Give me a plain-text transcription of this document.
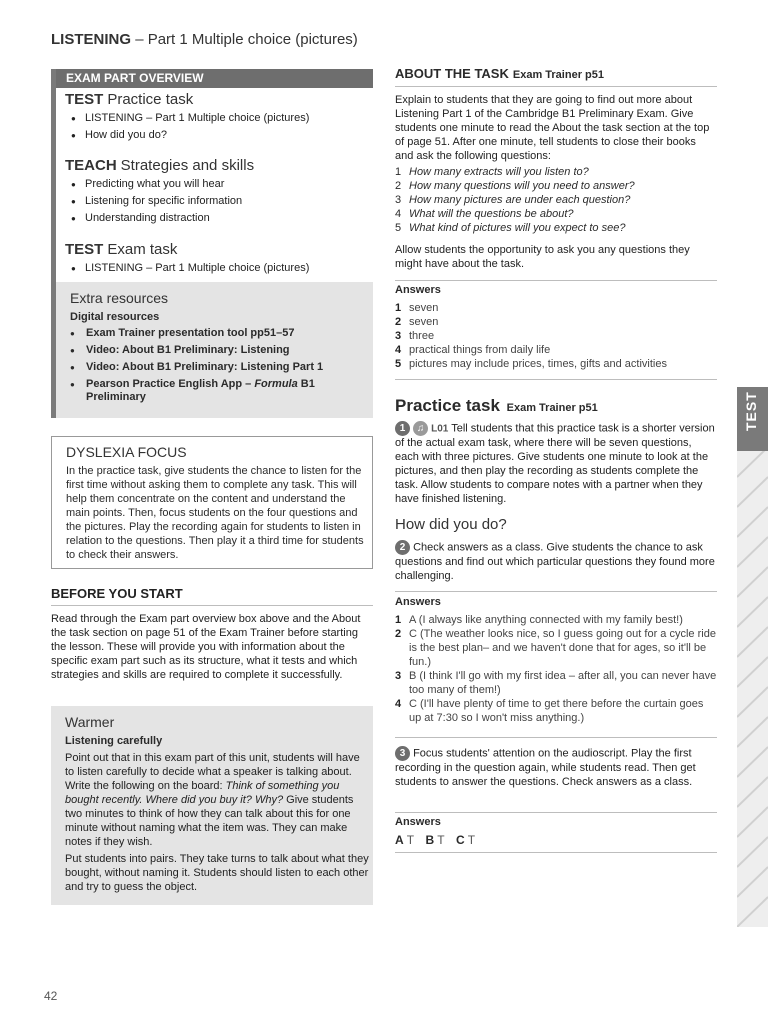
LISTENING – Part 1 Multiple choice (pictures)
EXAM PART OVERVIEW
TEST Practice task
● LISTENING – Part 1 Multiple choice (pictures)
● How did you do?
TEACH Strategies and skills
● Predicting what you will hear
● Listening for specific information
● Understanding distraction
TEST Exam task
● LISTENING – Part 1 Multiple choice (pictures)
Extra resources
Digital resources
● Exam Trainer presentation tool pp51–57
● Video: About B1 Preliminary: Listening
● Video: About B1 Preliminary: Listening Part 1
● Pearson Practice English App – Formula B1 Preliminary
DYSLEXIA FOCUS

In the practice task, give students the chance to listen for the first time without asking them to complete any task. This will help them concentrate on the content and understand the main points. Then, focus students on the four questions and the pictures. Play the recording again for students to listen in relation to the questions. Then play it a third time for students to check their answers.

BEFORE YOU START

Read through the Exam part overview box above and the About the task section on page 51 of the Exam Trainer before starting the lesson. These will provide you with information about the specific exam part such as its structure, what it tests and which strategies and skills are required to complete it successfully.

Warmer
Listening carefully

Point out that in this exam part of this unit, students will have to listen carefully to decide what a speaker is talking about. Write the following on the board: Think of something you bought recently. Where did you buy it? Why? Give students two minutes to think of how they can talk about this for one minute without naming what the item was. They can make notes if they wish.

Put students into pairs. They take turns to talk about what they bought, without naming it. Students should listen to each other and try to guess the object.

ABOUT THE TASK Exam Trainer p51

Explain to students that they are going to find out more about Listening Part 1 of the Cambridge B1 Preliminary Exam. Give students one minute to read the About the task section at the top of page 51. After one minute, tell students to close their books and ask the following questions:

1 How many extracts will you listen to?
2 How many questions will you need to answer?
3 How many pictures are under each question?
4 What will the questions be about?
5 What kind of pictures will you expect to see?

Allow students the opportunity to ask you any questions they might have about the task.

Answers
1 seven
2 seven
3 three
4 practical things from daily life
5 pictures may include prices, times, gifts and activities
Practice task Exam Trainer p51

1 ♫ L01 Tell students that this practice task is a shorter version of the actual exam task, where there will be seven questions, each with three pictures. Give students one minute to look at the pictures, and then play the recording as students complete the task. Allow students to compare notes with a partner when they have finished listening.

How did you do?

2 Check answers as a class. Give students the chance to ask questions and find out which particular questions they found more challenging.

Answers
1 A (I always like anything connected with my family best!)
2 C (The weather looks nice, so I guess going out for a cycle ride is the best plan– and we haven't done that for ages, so it'll be fun.)
3 B (I think I'll go with my first idea – after all, you can never have too many of them!)
4 C (I'll have plenty of time to get there before the curtain goes up at 7:30 so I won't miss anything.)

3 Focus students' attention on the audioscript. Play the first recording in the question again, while students read. Then get students to answer the questions. Check answers as a class.

Answers
A T B T C T
TEST
42
